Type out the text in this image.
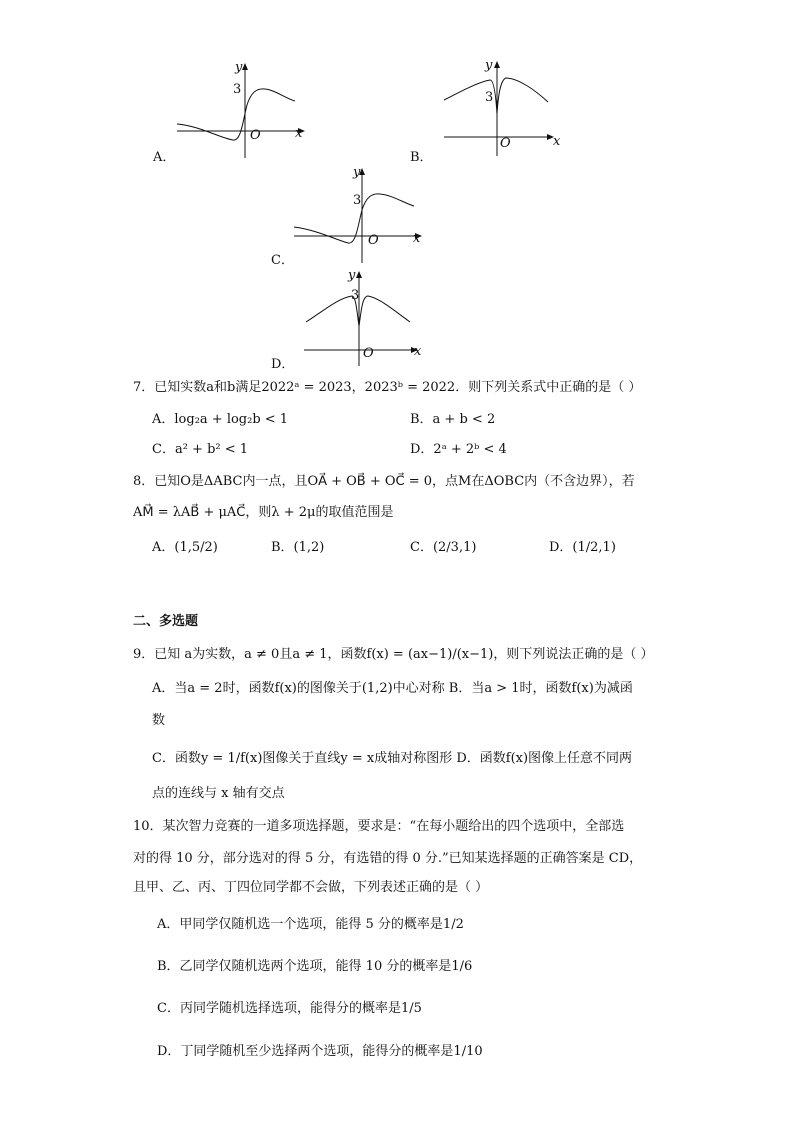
y
x
O
3
A．
y
x
O
3
B．
y
x
O
3
C．
y
x
O
3
D．
7．已知实数a和b满足2022ᵃ = 2023，2023ᵇ = 2022．则下列关系式中正确的是（ ）
A．log₂a + log₂b < 1	B．a + b < 2
C．a² + b² < 1	D．2ᵃ + 2ᵇ < 4
8．已知O是ΔABC内一点，且OA⃗ + OB⃗ + OC⃗ = 0，点M在ΔOBC内（不含边界），若
AM⃗ = λAB⃗ + μAC⃗，则λ + 2μ的取值范围是
A．(1,5/2)	B．(1,2)	C．(2/3,1)	D．(1/2,1)
二、多选题
9．已知 a为实数，a ≠ 0且a ≠ 1，函数f(x) = (ax−1)/(x−1)，则下列说法正确的是（ ）
A．当a = 2时，函数f(x)的图像关于(1,2)中心对称 B．当a > 1时，函数f(x)为减函
数
C．函数y = 1/f(x)图像关于直线y = x成轴对称图形 D．函数f(x)图像上任意不同两
点的连线与 x 轴有交点
10．某次智力竞赛的一道多项选择题，要求是：“在每小题给出的四个选项中，全部选
对的得 10 分，部分选对的得 5 分，有选错的得 0 分.”已知某选择题的正确答案是 CD，
且甲、乙、丙、丁四位同学都不会做，下列表述正确的是（ ）
A．甲同学仅随机选一个选项，能得 5 分的概率是1/2
B．乙同学仅随机选两个选项，能得 10 分的概率是1/6
C．丙同学随机选择选项，能得分的概率是1/5
D．丁同学随机至少选择两个选项，能得分的概率是1/10
